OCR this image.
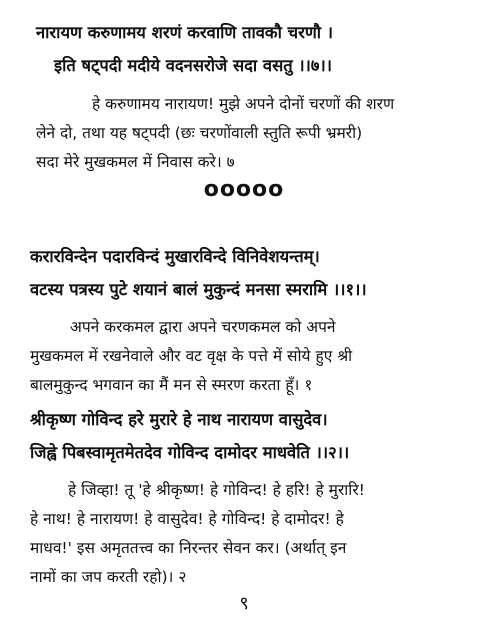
नारायण करुणामय शरणं करवाणि तावकौ चरणौ ।
इति षट्पदी मदीये वदनसरोजे सदा वसतु ।।७।।
हे करुणामय नारायण! मुझे अपने दोनों चरणों की शरण
लेने दो, तथा यह षट्पदी (छः चरणोंवाली स्तुति रूपी भ्रमरी)
सदा मेरे मुखकमल में निवास करे। ७
ooooo
करारविन्देन पदारविन्दं मुखारविन्दे विनिवेशयन्तम्।
वटस्य पत्रस्य पुटे शयानं बालं मुकुन्दं मनसा स्मरामि ।।१।।
अपने करकमल द्वारा अपने चरणकमल को अपने
मुखकमल में रखनेवाले और वट वृक्ष के पत्ते में सोये हुए श्री
बालमुकुन्द भगवान का मैं मन से स्मरण करता हूँ। १
श्रीकृष्ण गोविन्द हरे मुरारे हे नाथ नारायण वासुदेव।
जिह्वे पिबस्वामृतमेतदेव गोविन्द दामोदर माधवेति ।।२।।
हे जिव्हा! तू 'हे श्रीकृष्ण! हे गोविन्द! हे हरि! हे मुरारि!
हे नाथ! हे नारायण! हे वासुदेव! हे गोविन्द! हे दामोदर! हे
माधव!' इस अमृततत्त्व का निरन्तर सेवन कर। (अर्थात् इन
नामों का जप करती रहो)। २
९
